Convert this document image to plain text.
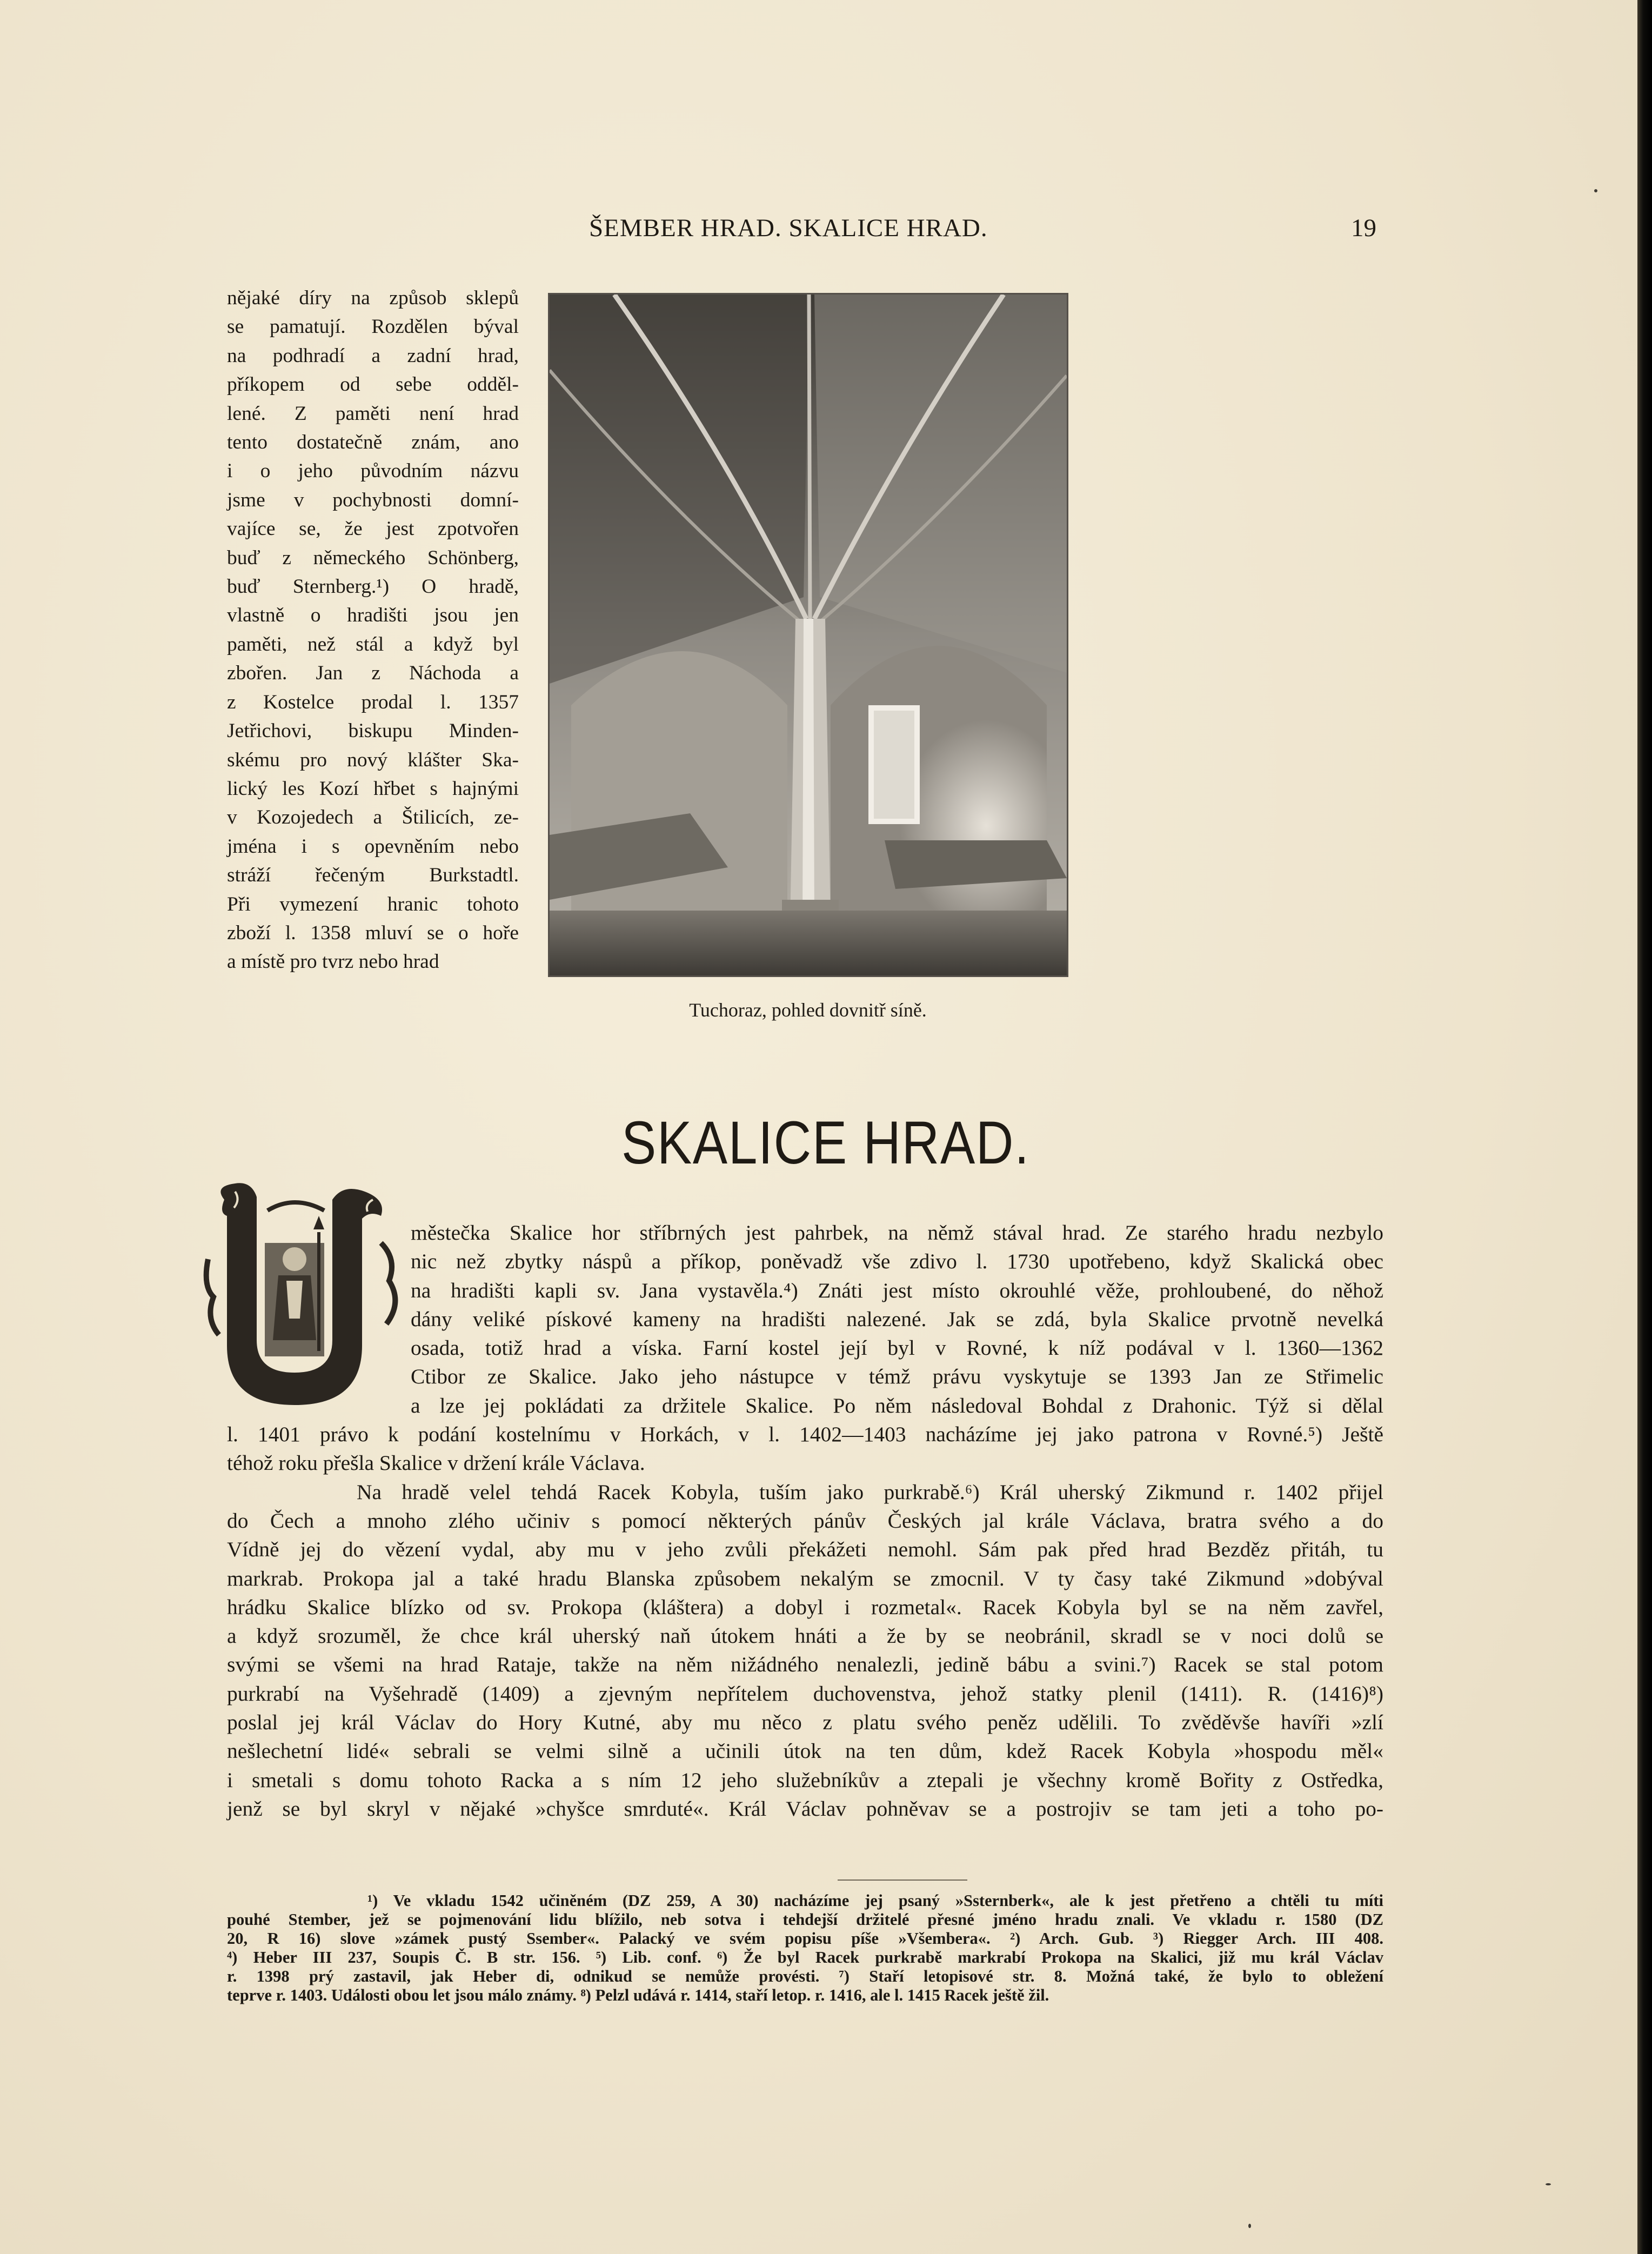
ŠEMBER HRAD. SKALICE HRAD.	19

nějaké díry na způsob sklepů
se pamatují. Rozdělen býval
na podhradí a zadní hrad,
příkopem od sebe odděl-
lené. Z paměti není hrad
tento dostatečně znám, ano
i o jeho původním názvu
jsme v pochybnosti domní-
vajíce se, že jest zpotvořen
buď z německého Schönberg,
buď Sternberg.¹) O hradě,
vlastně o hradišti jsou jen
paměti, než stál a když byl
zbořen. Jan z Náchoda a
z Kostelce prodal l. 1357
Jetřichovi, biskupu Minden-
skému pro nový klášter Ska-
lický les Kozí hřbet s hajnými
v Kozojedech a Štilicích, ze-
jména i s opevněním nebo
stráží řečeným Burkstadtl.
Při vymezení hranic tohoto
zboží l. 1358 mluví se o hoře
a místě pro tvrz nebo hrad

Tuchoraz, pohled dovnitř síně.
SKALICE HRAD.
městečka Skalice hor stříbrných jest pahrbek, na němž stával hrad. Ze starého hradu nezbylo
nic než zbytky náspů a příkop, poněvadž vše zdivo l. 1730 upotřebeno, když Skalická obec
na hradišti kapli sv. Jana vystavěla.⁴) Znáti jest místo okrouhlé věže, prohloubené, do něhož
dány veliké pískové kameny na hradišti nalezené. Jak se zdá, byla Skalice prvotně nevelká
osada, totiž hrad a víska. Farní kostel její byl v Rovné, k níž podával v l. 1360—1362
Ctibor ze Skalice. Jako jeho nástupce v témž právu vyskytuje se 1393 Jan ze Střimelic
a lze jej pokládati za držitele Skalice. Po něm následoval Bohdal z Drahonic. Týž si dělal
l. 1401 právo k podání kostelnímu v Horkách, v l. 1402—1403 nacházíme jej jako patrona v Rovné.⁵) Ještě
téhož roku přešla Skalice v držení krále Václava.
Na hradě velel tehdá Racek Kobyla, tuším jako purkrabě.⁶) Král uherský Zikmund r. 1402 přijel
do Čech a mnoho zlého učiniv s pomocí některých pánův Českých jal krále Václava, bratra svého a do
Vídně jej do vězení vydal, aby mu v jeho zvůli překážeti nemohl. Sám pak před hrad Bezděz přitáh, tu
markrab. Prokopa jal a také hradu Blanska způsobem nekalým se zmocnil. V ty časy také Zikmund »dobýval
hrádku Skalice blízko od sv. Prokopa (kláštera) a dobyl i rozmetal«. Racek Kobyla byl se na něm zavřel,
a když srozuměl, že chce král uherský naň útokem hnáti a že by se neobránil, skradl se v noci dolů se
svými se všemi na hrad Rataje, takže na něm nižádného nenalezli, jedině bábu a svini.⁷) Racek se stal potom
purkrabí na Vyšehradě (1409) a zjevným nepřítelem duchovenstva, jehož statky plenil (1411). R. (1416)⁸)
poslal jej král Václav do Hory Kutné, aby mu něco z platu svého peněz udělili. To zvěděvše havíři »zlí
nešlechetní lidé« sebrali se velmi silně a učinili útok na ten dům, kdež Racek Kobyla »hospodu měl«
i smetali s domu tohoto Racka a s ním 12 jeho služebníkův a ztepali je všechny kromě Bořity z Ostředka,
jenž se byl skryl v nějaké »chyšce smrduté«. Král Václav pohněvav se a postrojiv se tam jeti a toho po-
¹) Ve vkladu 1542 učiněném (DZ 259, A 30) nacházíme jej psaný »Ssternberk«, ale k jest přetřeno a chtěli tu míti
pouhé Stember, jež se pojmenování lidu blížilo, neb sotva i tehdejší držitelé přesné jméno hradu znali. Ve vkladu r. 1580 (DZ
20, R 16) slove »zámek pustý Ssember«. Palacký ve svém popisu píše »Všembera«. ²) Arch. Gub. ³) Riegger Arch. III 408.
⁴) Heber III 237, Soupis Č. B str. 156. ⁵) Lib. conf. ⁶) Že byl Racek purkrabě markrabí Prokopa na Skalici, již mu král Václav
r. 1398 prý zastavil, jak Heber di, odnikud se nemůže provésti. ⁷) Staří letopisové str. 8. Možná také, že bylo to obležení
teprve r. 1403. Události obou let jsou málo známy. ⁸) Pelzl udává r. 1414, staří letop. r. 1416, ale l. 1415 Racek ještě žil.
